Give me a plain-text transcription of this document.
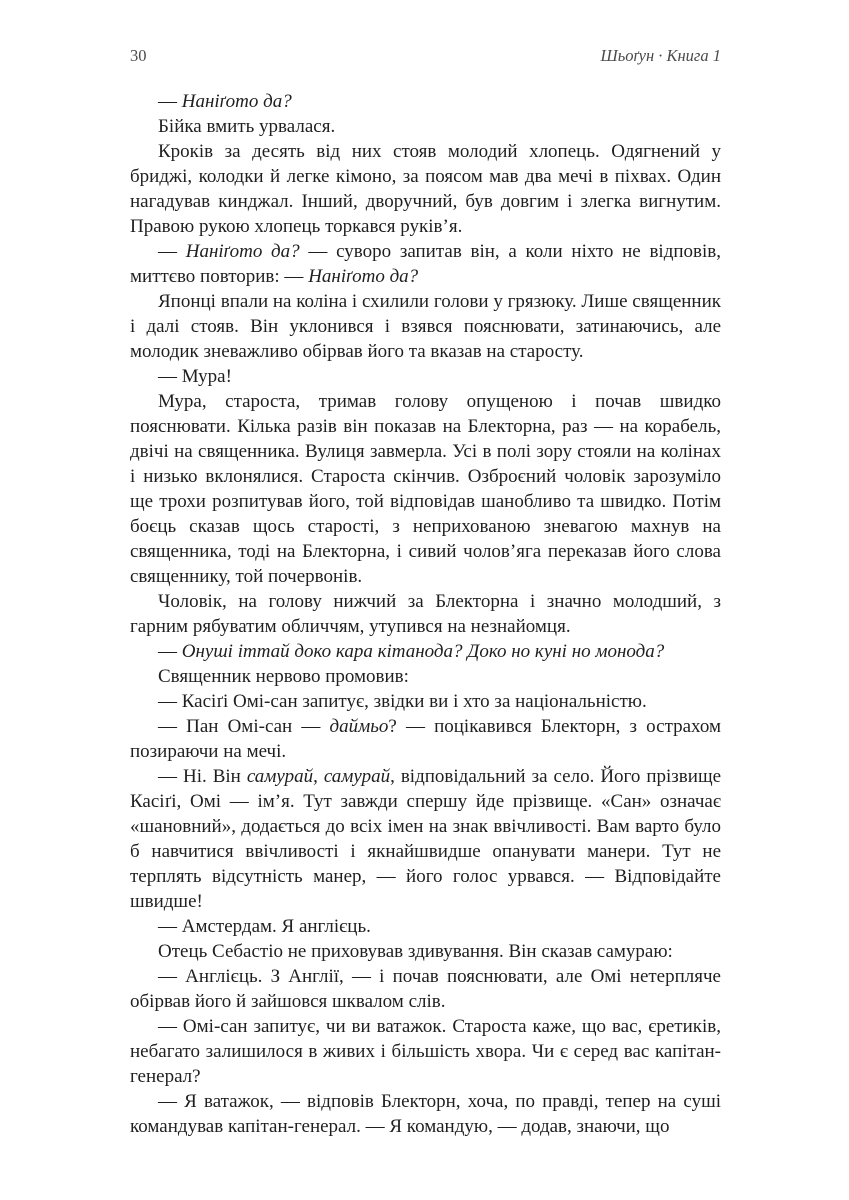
30	Шьоґун · Книга 1

— Наніґото да?

Бійка вмить урвалася.

Кроків за десять від них стояв молодий хлопець. Одягнений у бриджі, колодки й легке кімоно, за поясом мав два мечі в піхвах. Один нагадував кинджал. Інший, дворучний, був довгим і злегка вигнутим. Правою рукою хлопець торкався руків’я.

— Наніґото да? — суворо запитав він, а коли ніхто не відповів, миттєво повторив: — Наніґото да?

Японці впали на коліна і схилили голови у грязюку. Лише священник і далі стояв. Він уклонився і взявся пояснювати, затинаючись, але молодик зневажливо обірвав його та вказав на старосту.

— Мура!

Мура, староста, тримав голову опущеною і почав швидко пояснювати. Кілька разів він показав на Блекторна, раз — на корабель, двічі на священника. Вулиця завмерла. Усі в полі зору стояли на колінах і низько вклонялися. Староста скінчив. Озброєний чоловік зарозуміло ще трохи розпитував його, той відповідав шанобливо та швидко. Потім боєць сказав щось старості, з неприхованою зневагою махнув на священника, тоді на Блекторна, і сивий чолов’яга переказав його слова священнику, той почервонів.

Чоловік, на голову нижчий за Блекторна і значно молодший, з гарним рябуватим обличчям, утупився на незнайомця.

— Онуші іттай доко кара кітанода? Доко но куні но монода?

Священник нервово промовив:

— Касіґі Омі-сан запитує, звідки ви і хто за національністю.

— Пан Омі-сан — даймьо? — поцікавився Блекторн, з острахом позираючи на мечі.

— Ні. Він самурай, самурай, відповідальний за село. Його прізвище Касіґі, Омі — ім’я. Тут завжди спершу йде прізвище. «Сан» означає «шановний», додається до всіх імен на знак ввічливості. Вам варто було б навчитися ввічливості і якнайшвидше опанувати манери. Тут не терплять відсутність манер, — його голос урвався. — Відповідайте швидше!

— Амстердам. Я англієць.

Отець Себастіо не приховував здивування. Він сказав самураю:

— Англієць. З Англії, — і почав пояснювати, але Омі нетерпляче обірвав його й зайшовся шквалом слів.

— Омі-сан запитує, чи ви ватажок. Староста каже, що вас, єретиків, небагато залишилося в живих і більшість хвора. Чи є серед вас капітан-генерал?

— Я ватажок, — відповів Блекторн, хоча, по правді, тепер на суші командував капітан-генерал. — Я командую, — додав, знаючи, що
